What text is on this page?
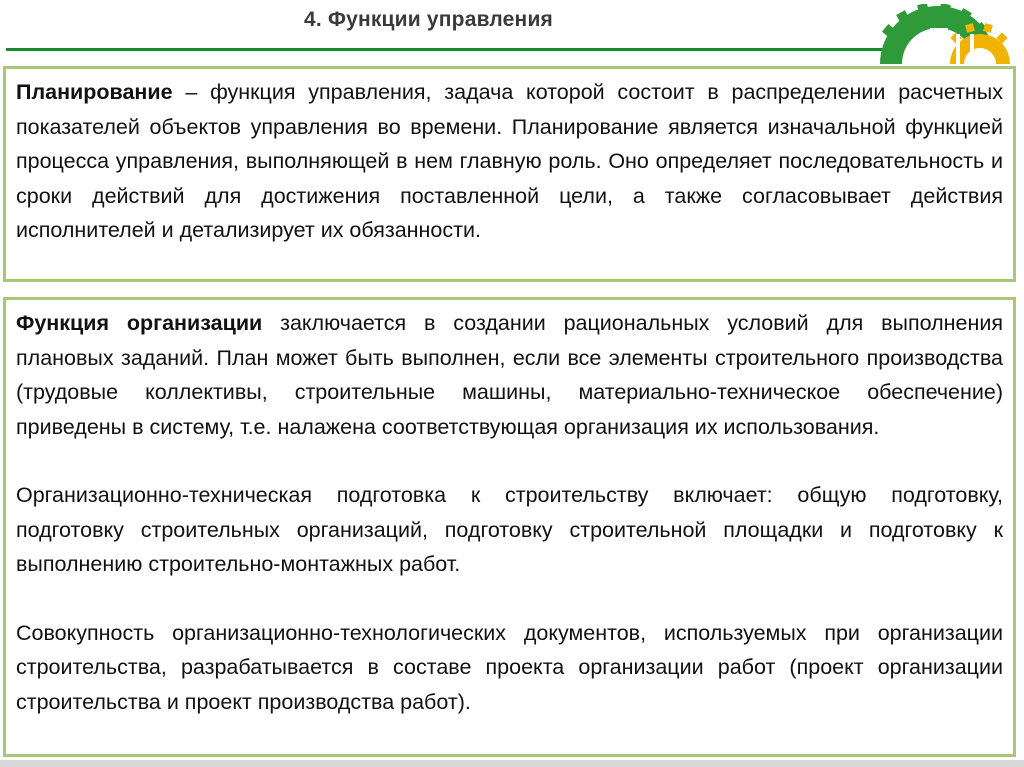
4. Функции управления

Планирование – функция управления, задача которой состоит в распределении расчетных показателей объектов управления во времени. Планирование является изначальной функцией процесса управления, выполняющей в нем главную роль. Оно определяет последовательность и сроки действий для достижения поставленной цели, а также согласовывает действия исполнителей и детализирует их обязанности.

Функция организации заключается в создании рациональных условий для выполнения плановых заданий. План может быть выполнен, если все элементы строительного производства (трудовые коллективы, строительные машины, материально-техническое обеспечение) приведены в систему, т.е. налажена соответствующая организация их использования.

Организационно-техническая подготовка к строительству включает: общую подготовку, подготовку строительных организаций, подготовку строительной площадки и подготовку к выполнению строительно-монтажных работ.

Совокупность организационно-технологических документов, используемых при организации строительства, разрабатывается в составе проекта организации работ (проект организации строительства и проект производства работ).
